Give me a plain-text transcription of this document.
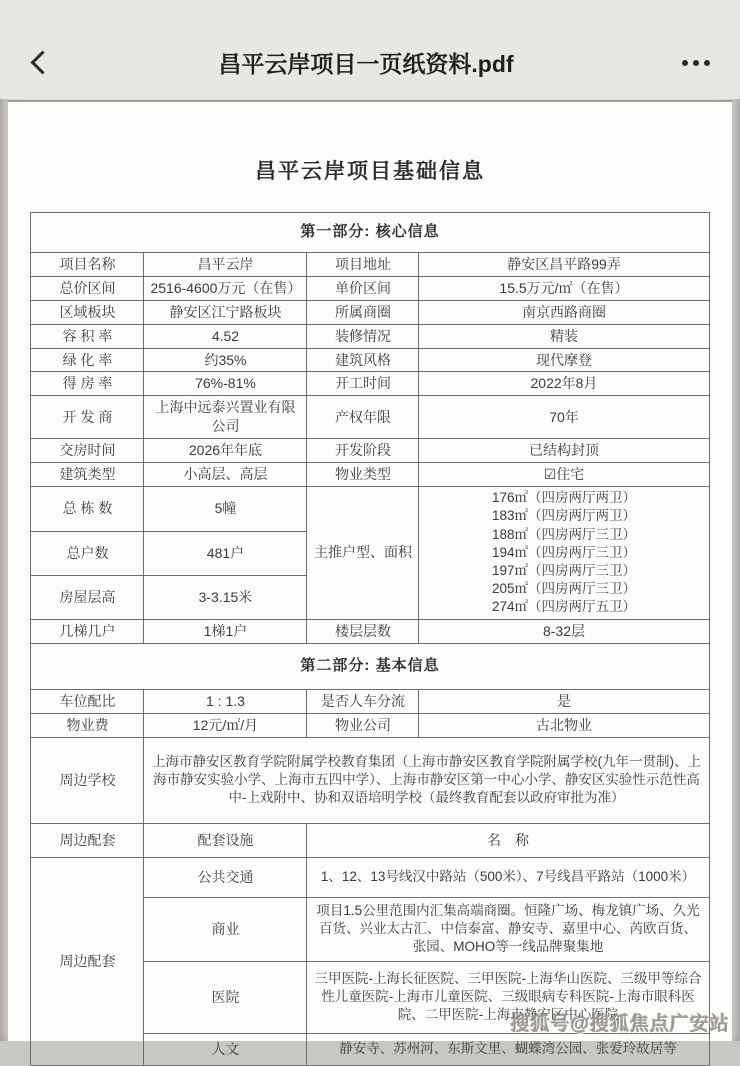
昌平云岸项目一页纸资料.pdf
昌平云岸项目基础信息
第一部分: 核心信息			
项目名称	昌平云岸	项目地址	静安区昌平路99弄
总价区间	2516-4600万元（在售）	单价区间	15.5万元/㎡（在售）
区域板块	静安区江宁路板块	所属商圈	南京西路商圈
容 积 率	4.52	装修情况	精装
绿 化 率	约35%	建筑风格	现代摩登
得 房 率	76%-81%	开工时间	2022年8月
开 发 商	上海中远泰兴置业有限公司	产权年限	70年
交房时间	2026年年底	开发阶段	已结构封顶
建筑类型	小高层、高层	物业类型	☑住宅
总 栋 数	5幢	主推户型、面积	
176㎡（四房两厅两卫）
183㎡（四房两厅两卫）
188㎡（四房两厅三卫）
194㎡（四房两厅三卫）
197㎡（四房两厅三卫）
205㎡（四房两厅三卫）
274㎡（四房两厅五卫）

总户数	481户		
房屋层高	3-3.15米		
几梯几户	1梯1户	楼层层数	8-32层
第二部分: 基本信息			
车位配比	1 : 1.3	是否人车分流	是
物业费	12元/㎡/月	物业公司	古北物业
周边学校	上海市静安区教育学院附属学校教育集团（上海市静安区教育学院附属学校(九年一贯制)、上海市静安实验小学、上海市五四中学）、上海市静安区第一中心小学、静安区实验性示范性高中-上戏附中、协和双语培明学校（最终教育配套以政府审批为准）		
周边配套	配套设施	名　称	
周边配套	公共交通	1、12、13号线汉中路站（500米）、7号线昌平路站（1000米）	
	商业	项目1.5公里范围内汇集高端商圈。恒隆广场、梅龙镇广场、久光百货、兴业太古汇、中信泰富、静安寺、嘉里中心、芮欧百货、张园、MOHO等一线品牌聚集地	
	医院	三甲医院-上海长征医院、三甲医院-上海华山医院、三级甲等综合性儿童医院-上海市儿童医院、三级眼病专科医院-上海市眼科医院、二甲医院-上海市静安区中心医院	
	人文	静安寺、苏州河、东斯文里、蝴蝶湾公园、张爱玲故居等	
搜狐号@搜狐焦点广安站
